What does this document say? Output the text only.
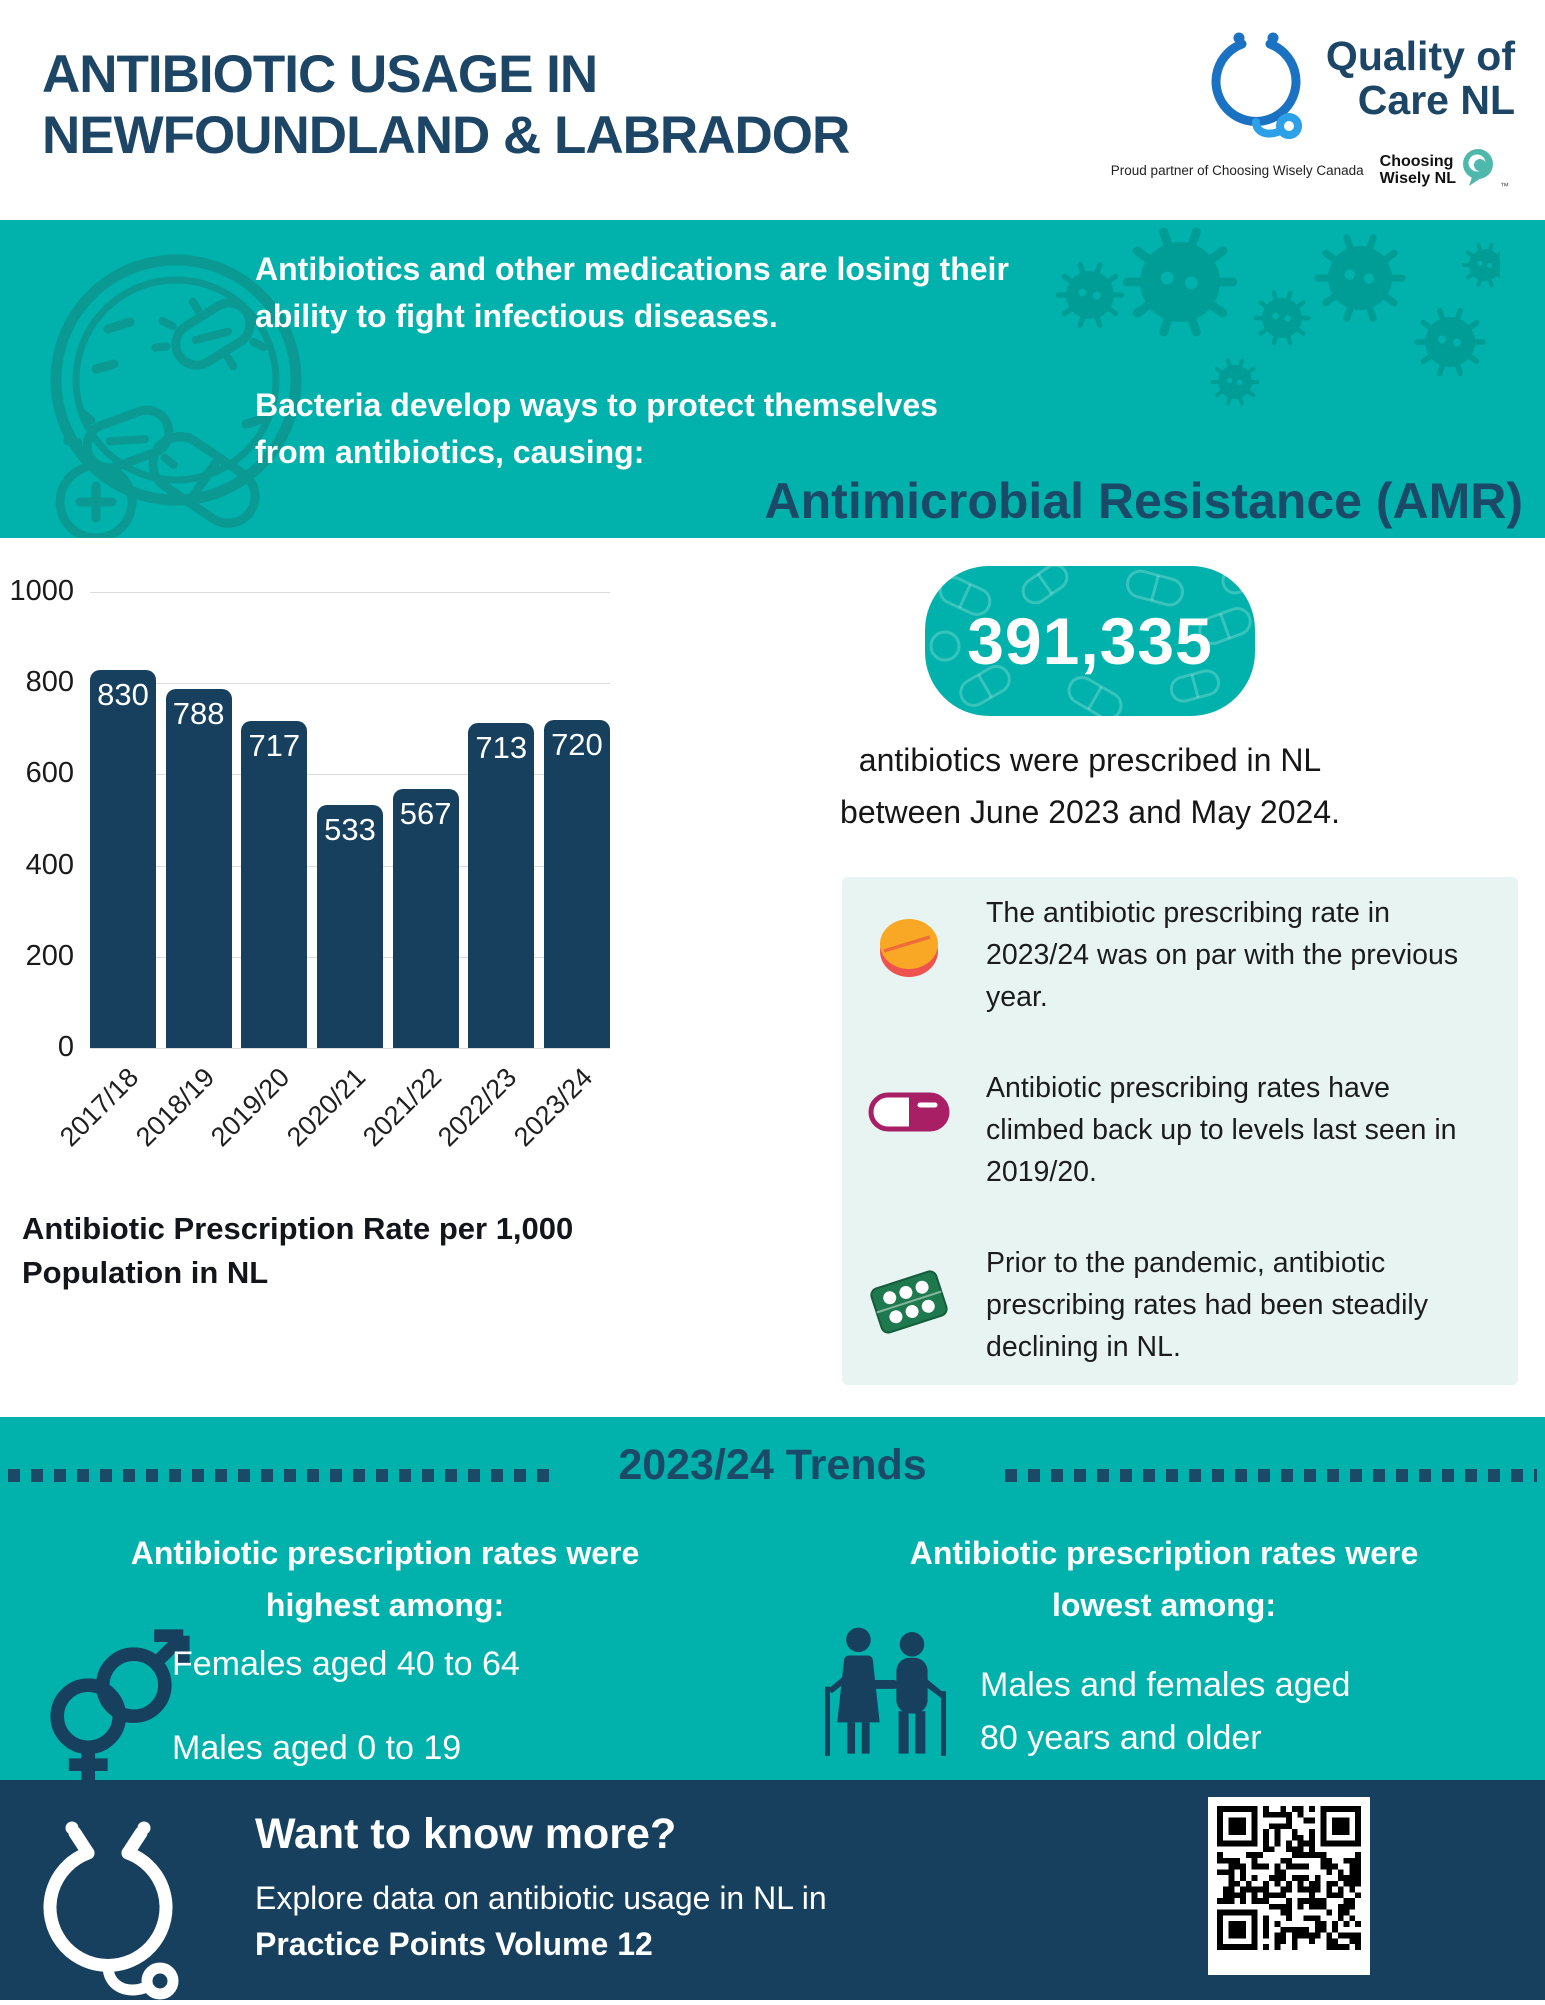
ANTIBIOTIC USAGE IN
NEWFOUNDLAND & LABRADOR
Quality of
Care NL
Proud partner of Choosing Wisely Canada
Choosing
Wisely NL	™
Antibiotics and other medications are losing their
ability to fight infectious diseases.
Bacteria develop ways to protect themselves
from antibiotics, causing:
Antimicrobial Resistance (AMR)
0
200
400
600
800
1000
830
788
717
533 567
713 720
2017/18
2018/19
2019/20
2020/21
2021/22
2022/23
2023/24
Antibiotic Prescription Rate per 1,000
Population in NL
391,335
antibiotics were prescribed in NL
between June 2023 and May 2024.
The antibiotic prescribing rate in 2023/24 was on par with the previous year.
Antibiotic prescribing rates have climbed back up to levels last seen in 2019/20.
Prior to the pandemic, antibiotic prescribing rates had been steadily declining in NL.
2023/24 Trends
Antibiotic prescription rates were
highest among:
Females aged 40 to 64
Males aged 0 to 19
Antibiotic prescription rates were
lowest among:
Males and females aged
80 years and older
Want to know more?
Explore data on antibiotic usage in NL in
Practice Points Volume 12
